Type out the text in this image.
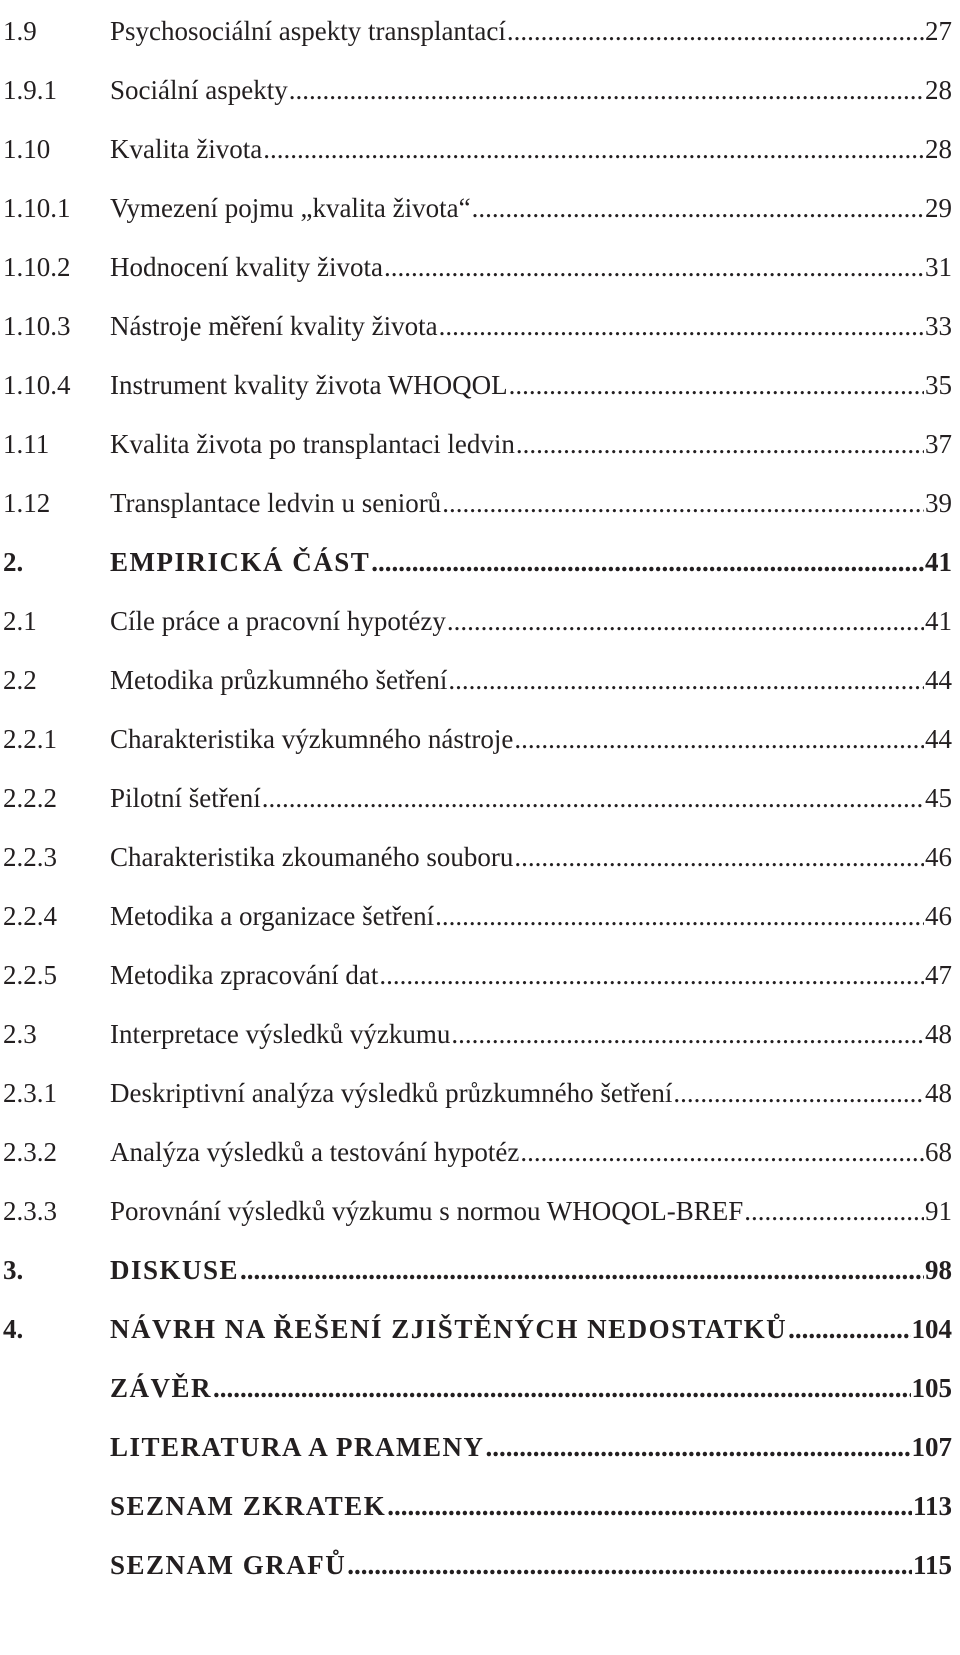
1.9	Psychosociální aspekty transplantací .....	27
1.9.1	Sociální aspekty .....	28
1.10	Kvalita života .....	28
1.10.1	Vymezení pojmu „kvalita života“ .....	29
1.10.2	Hodnocení kvality života .....	31
1.10.3	Nástroje měření kvality života .....	33
1.10.4	Instrument kvality života WHOQOL .....	35
1.11	Kvalita života po transplantaci ledvin .....	37
1.12	Transplantace ledvin u seniorů .....	39
2.	EMPIRICKÁ ČÁST .....	41
2.1	Cíle práce a pracovní hypotézy .....	41
2.2	Metodika průzkumného šetření .....	44
2.2.1	Charakteristika výzkumného nástroje .....	44
2.2.2	Pilotní šetření .....	45
2.2.3	Charakteristika zkoumaného souboru .....	46
2.2.4	Metodika a organizace šetření .....	46
2.2.5	Metodika zpracování dat .....	47
2.3	Interpretace výsledků výzkumu .....	48
2.3.1	Deskriptivní analýza výsledků průzkumného šetření .....	48
2.3.2	Analýza výsledků a testování hypotéz .....	68
2.3.3	Porovnání výsledků výzkumu s normou WHOQOL-BREF .....	91
3.	DISKUSE .....	98
4.	NÁVRH NA ŘEŠENÍ ZJIŠTĚNÝCH NEDOSTATKŮ .....	104
ZÁVĚR .....	105
LITERATURA A PRAMENY .....	107
SEZNAM ZKRATEK .....	113
SEZNAM GRAFŮ .....	115
